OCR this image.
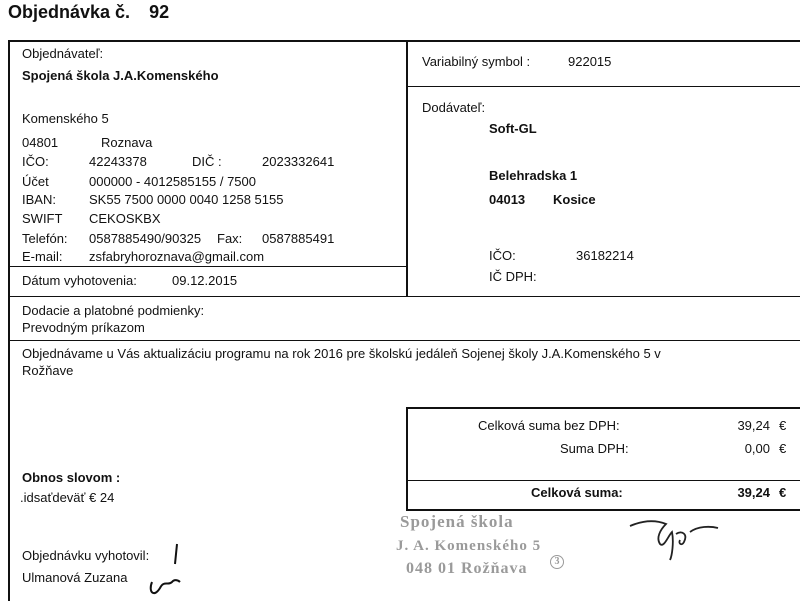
Objednávka č. 92
Objednávateľ:
Spojená škola J.A.Komenského
Komenského 5
04801	Roznava
IČO:	42243378	DIČ :	2023332641
Účet	000000 - 4012585155 / 7500
IBAN:	SK55 7500 0000 0040 1258 5155
SWIFT CEKOSKBX
Telefón: 0587885490/90325 Fax: 0587885491
E-mail: zsfabryhoroznava@gmail.com
Dátum vyhotovenia:	09.12.2015
Variabilný symbol :	922015
Dodávateľ:
Soft-GL
Belehradska 1
04013 Kosice
IČO:	36182214
IČ DPH:
Dodacie a platobné podmienky:
Prevodným príkazom
Objednávame u Vás aktualizáciu programu na rok 2016 pre školskú jedáleň Sojenej školy J.A.Komenského 5 v
Rožňave
Celková suma bez DPH:	39,24 €
Suma DPH:	0,00 €
Celková suma:	39,24 €
Obnos slovom :
.idsaťdeväť € 24
Objednávku vyhotovil:
Ulmanová Zuzana
Spojená škola
J. A. Komenského 5
048 01 Rožňava	3
